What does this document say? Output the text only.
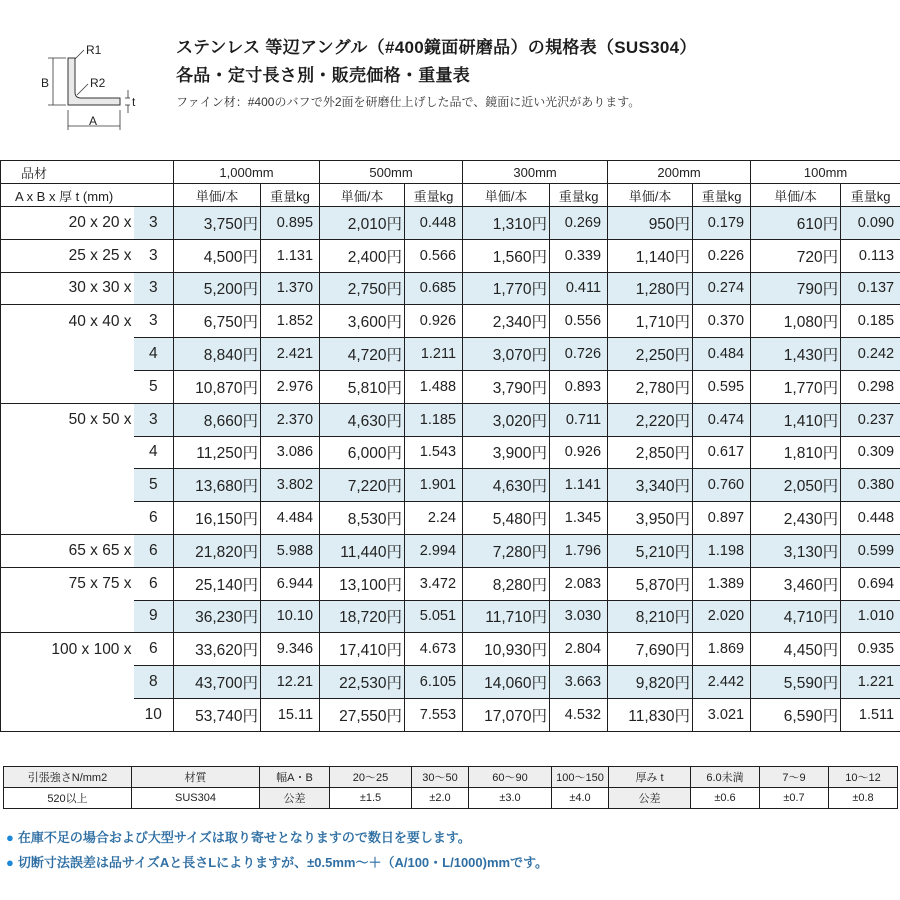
R1
R2
B
A
t
ステンレス 等辺アングル（#400鏡面研磨品）の規格表（SUS304）
各品・定寸長さ別・販売価格・重量表
ファイン材：#400のバフで外2面を研磨仕上げした品で、鏡面に近い光沢があります。
品材		1,000mm		500mm		300mm		200mm		100mm	
A x B x 厚 t (mm)		単価/本	重量kg	単価/本	重量kg	単価/本	重量kg	単価/本	重量kg	単価/本	重量kg
20 x 20 x	3	3,750円	0.895	2,010円	0.448	1,310円	0.269	950円	0.179	610円	0.090
25 x 25 x	3	4,500円	1.131	2,400円	0.566	1,560円	0.339	1,140円	0.226	720円	0.113
30 x 30 x	3	5,200円	1.370	2,750円	0.685	1,770円	0.411	1,280円	0.274	790円	0.137
40 x 40 x	3	6,750円	1.852	3,600円	0.926	2,340円	0.556	1,710円	0.370	1,080円	0.185
	4	8,840円	2.421	4,720円	1.211	3,070円	0.726	2,250円	0.484	1,430円	0.242
	5	10,870円	2.976	5,810円	1.488	3,790円	0.893	2,780円	0.595	1,770円	0.298
50 x 50 x	3	8,660円	2.370	4,630円	1.185	3,020円	0.711	2,220円	0.474	1,410円	0.237
	4	11,250円	3.086	6,000円	1.543	3,900円	0.926	2,850円	0.617	1,810円	0.309
	5	13,680円	3.802	7,220円	1.901	4,630円	1.141	3,340円	0.760	2,050円	0.380
	6	16,150円	4.484	8,530円	2.24	5,480円	1.345	3,950円	0.897	2,430円	0.448
65 x 65 x	6	21,820円	5.988	11,440円	2.994	7,280円	1.796	5,210円	1.198	3,130円	0.599
75 x 75 x	6	25,140円	6.944	13,100円	3.472	8,280円	2.083	5,870円	1.389	3,460円	0.694
	9	36,230円	10.10	18,720円	5.051	11,710円	3.030	8,210円	2.020	4,710円	1.010
100 x 100 x	6	33,620円	9.346	17,410円	4.673	10,930円	2.804	7,690円	1.869	4,450円	0.935
	8	43,700円	12.21	22,530円	6.105	14,060円	3.663	9,820円	2.442	5,590円	1.221
	10	53,740円	15.11	27,550円	7.553	17,070円	4.532	11,830円	3.021	6,590円	1.511
引張強さN/mm2	材質	幅A・B	20〜25	30〜50	60〜90	100〜150	厚み t	6.0未満	7〜9	10〜12
520以上	SUS304	公差	±1.5	±2.0	±3.0	±4.0	公差	±0.6	±0.7	±0.8
● 在庫不足の場合および大型サイズは取り寄せとなりますので数日を要します。
● 切断寸法誤差は品サイズAと長さLによりますが、±0.5mm〜＋（A/100・L/1000)mmです。
